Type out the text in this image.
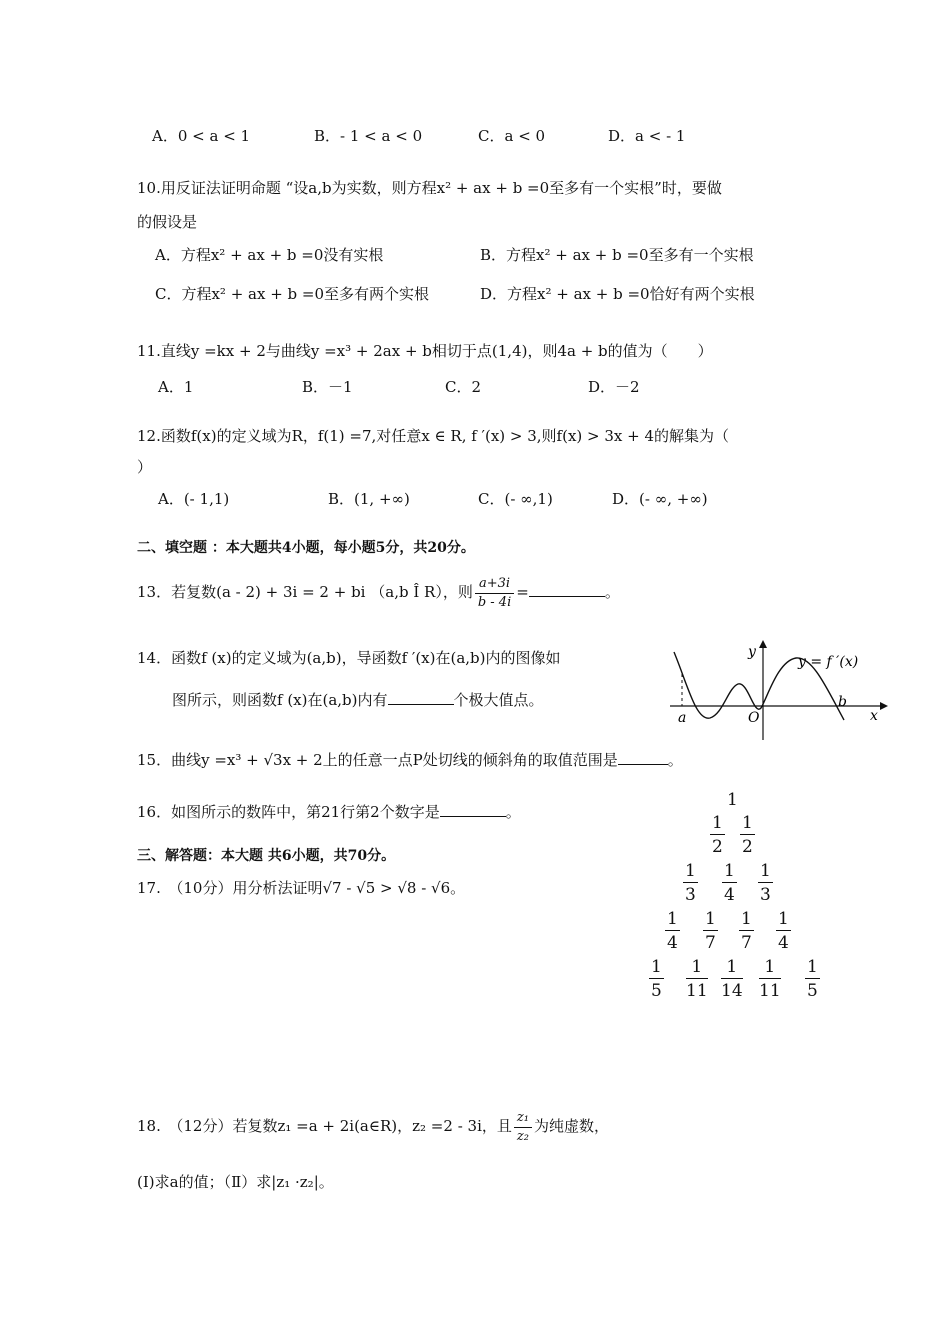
A．0 < a < 1	B．- 1 < a < 0	C．a < 0	D．a < - 1
10.用反证法证明命题 “设a,b为实数，则方程x² + ax + b =0至多有一个实根”时，要做
的假设是
A．方程x² + ax + b =0没有实根	B．方程x² + ax + b =0至多有一个实根
C．方程x² + ax + b =0至多有两个实根	D．方程x² + ax + b =0恰好有两个实根
11.直线y =kx + 2与曲线y =x³ + 2ax + b相切于点(1,4)，则4a + b的值为（　　）
A．1	B．－1	C．2	D．－2
12.函数f(x)的定义域为R，f(1) =7,对任意x ∈ R, f ′(x) > 3,则f(x) > 3x + 4的解集为（
）
A．(- 1,1)	B．(1, +∞)	C．(- ∞,1)	D．(- ∞, +∞)
二、填空题 ：本大题共4小题，每小题5分，共20分。
13．若复数(a - 2) + 3i = 2 + bi （a,b Î R），则 $\frac{a+3i}{b - 4i}$ =	。
14．函数f (x)的定义域为(a,b)，导函数f ′(x)在(a,b)内的图像如
图所示，则函数f (x)在(a,b)内有	个极大值点。
y
y = f ′(x)
a	O
b
x
15．曲线y =x³ + √3x + 2上的任意一点P处切线的倾斜角的取值范围是	。
16．如图所示的数阵中，第21行第2个数字是	。
1
$\frac{1}{2} \frac{1}{2}$
$\frac{1}{3} \frac{1}{4} \frac{1}{3}$
$\frac{1}{4} \frac{1}{7} \frac{1}{7} \frac{1}{4}$
$\frac{1}{5} \frac{1}{11} \frac{1}{14} \frac{1}{11} \frac{1}{5}$
三、解答题：本大题 共6小题，共70分。
17.　（10分）用分析法证明√7 - √5 > √8 - √6。
18.　（12分）若复数z₁ =a + 2i(a∈R)，z₂ =2 - 3i，且 $\frac{\text{z₁}}{\text{z₂}}$ 为纯虚数，
(Ⅰ)求a的值；（Ⅱ）求|z₁ ·z₂|。
